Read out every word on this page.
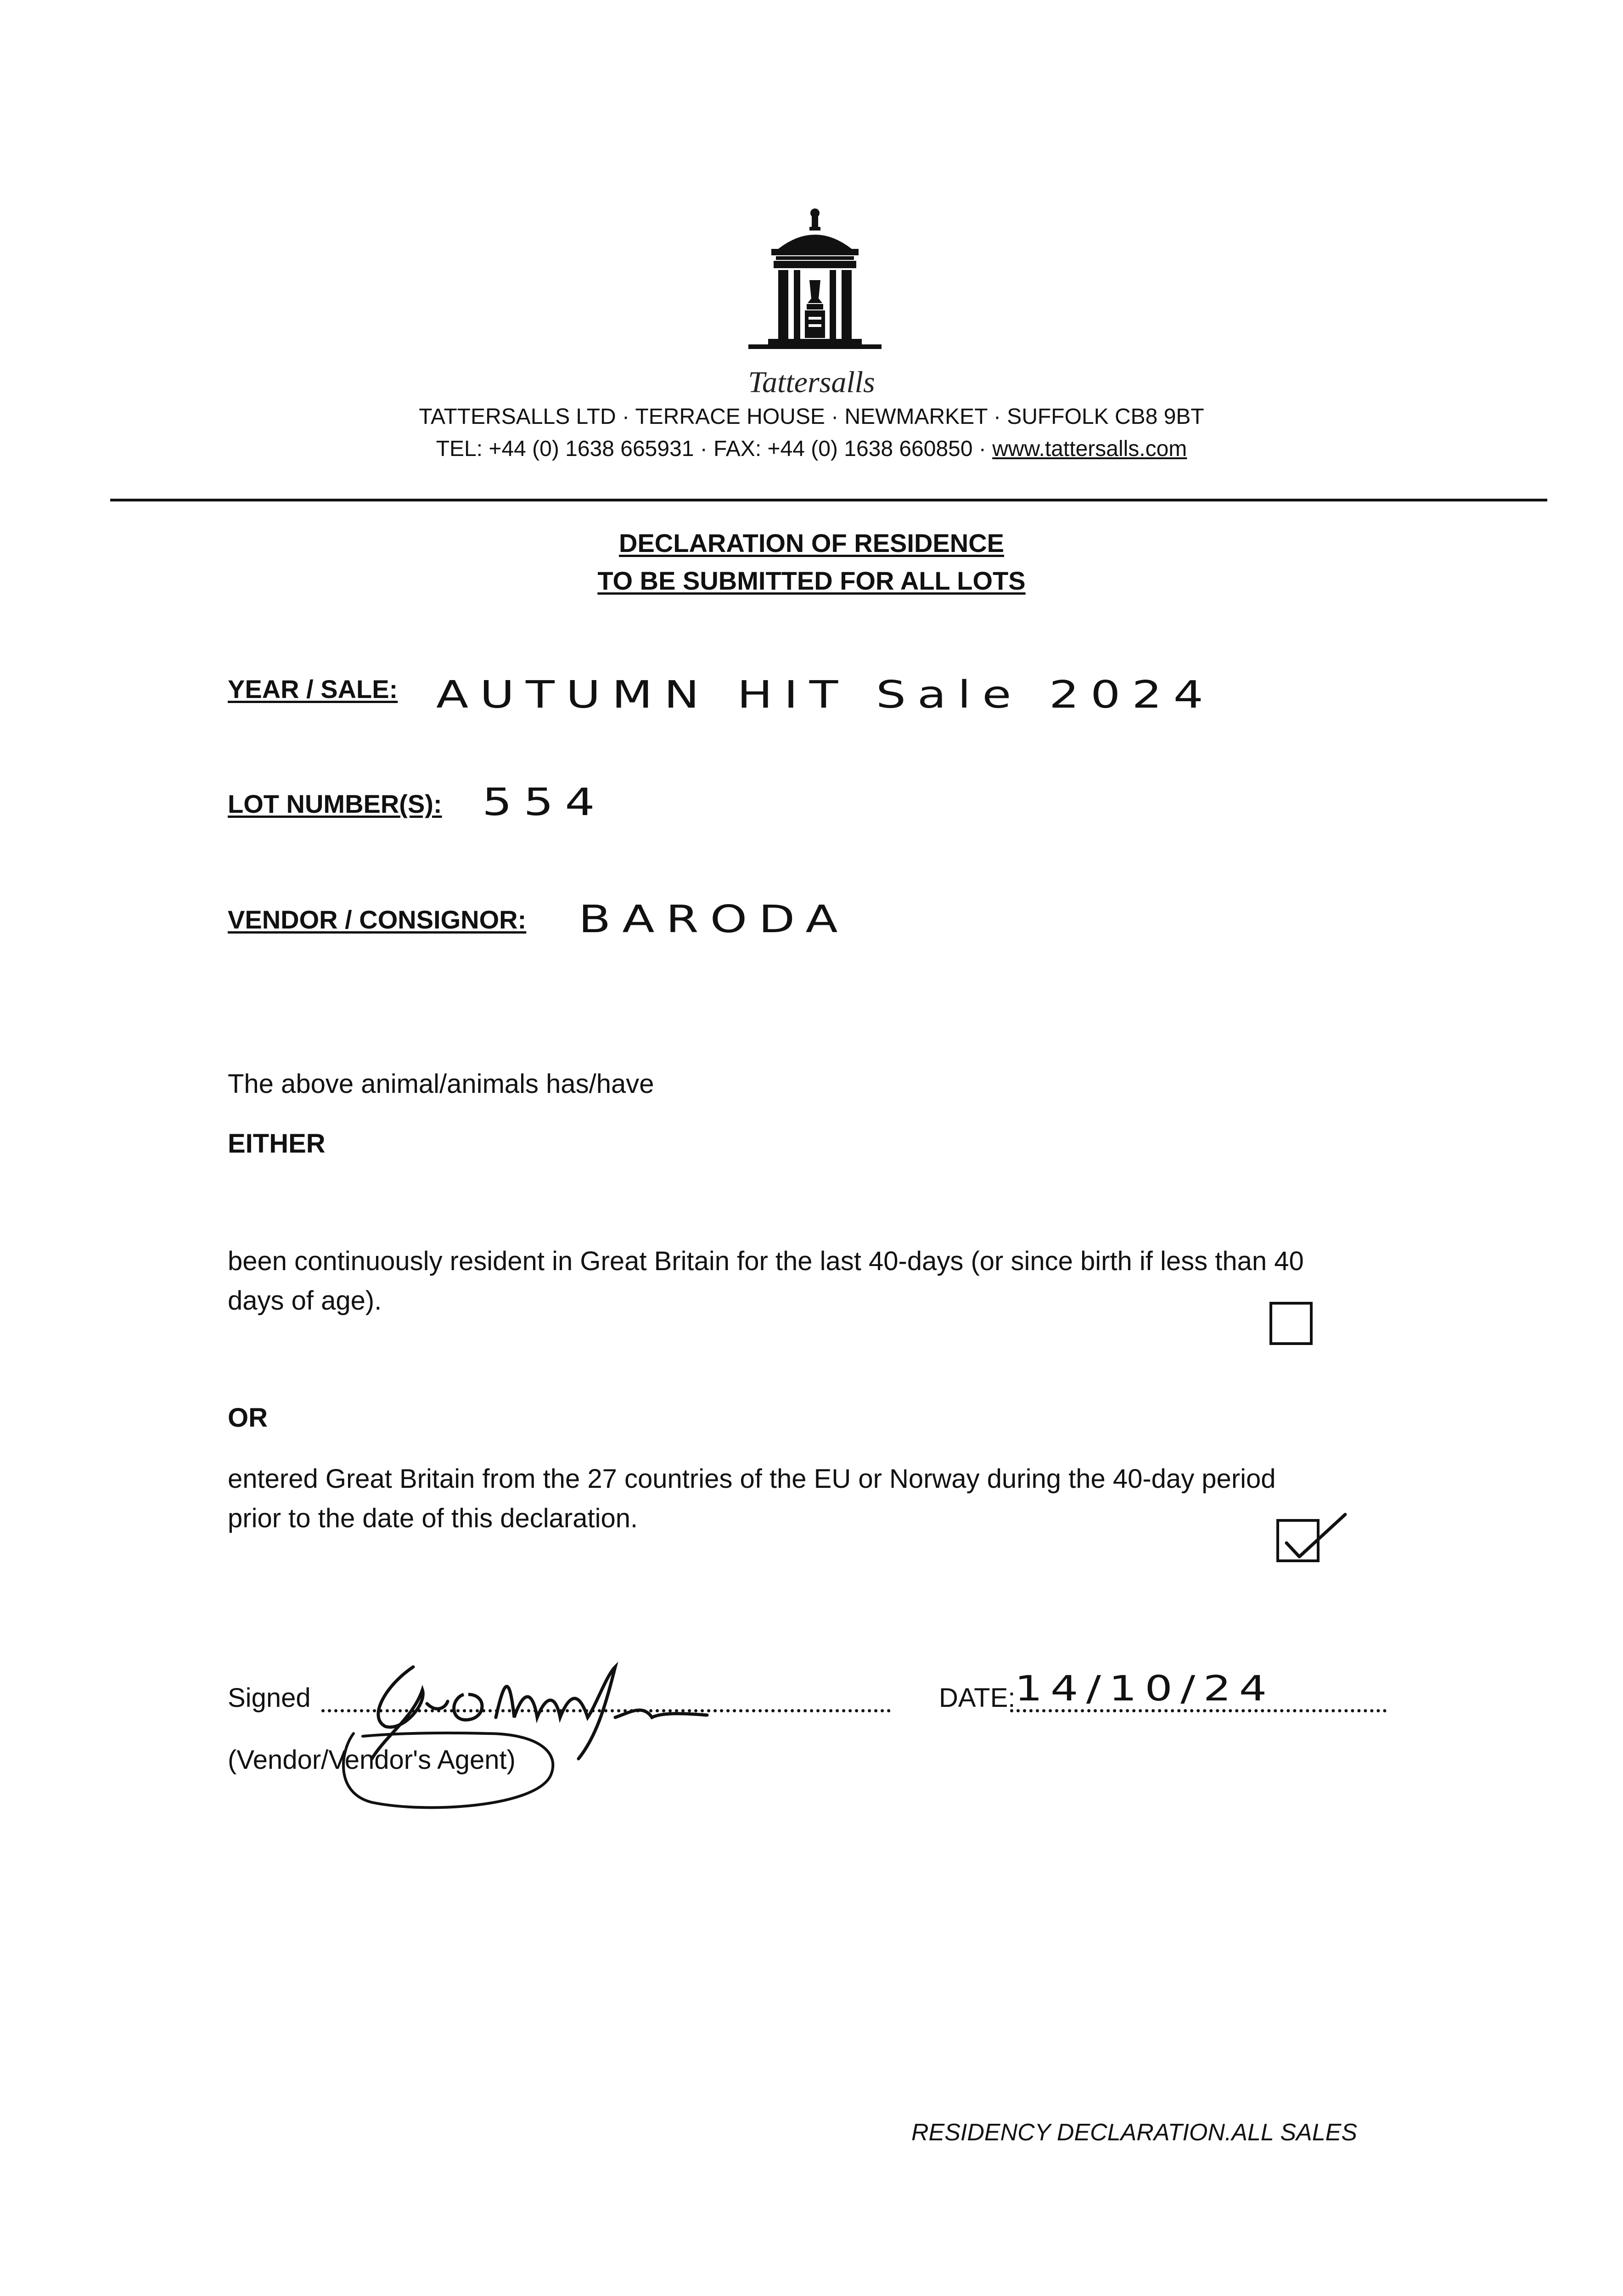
Tattersalls
TATTERSALLS LTD · TERRACE HOUSE · NEWMARKET · SUFFOLK CB8 9BT
TEL: +44 (0) 1638 665931 · FAX: +44 (0) 1638 660850 · www.tattersalls.com
DECLARATION OF RESIDENCE
TO BE SUBMITTED FOR ALL LOTS
YEAR / SALE: AUTUMN HIT Sale 2024
LOT NUMBER(S): 554
VENDOR / CONSIGNOR: BARODA
The above animal/animals has/have
EITHER
been continuously resident in Great Britain for the last 40-days (or since birth if less than 40
days of age).
OR
entered Great Britain from the 27 countries of the EU or Norway during the 40-day period
prior to the date of this declaration.
Signed	DATE:
14/10/24
(Vendor/Vendor's Agent)
RESIDENCY DECLARATION.ALL SALES
